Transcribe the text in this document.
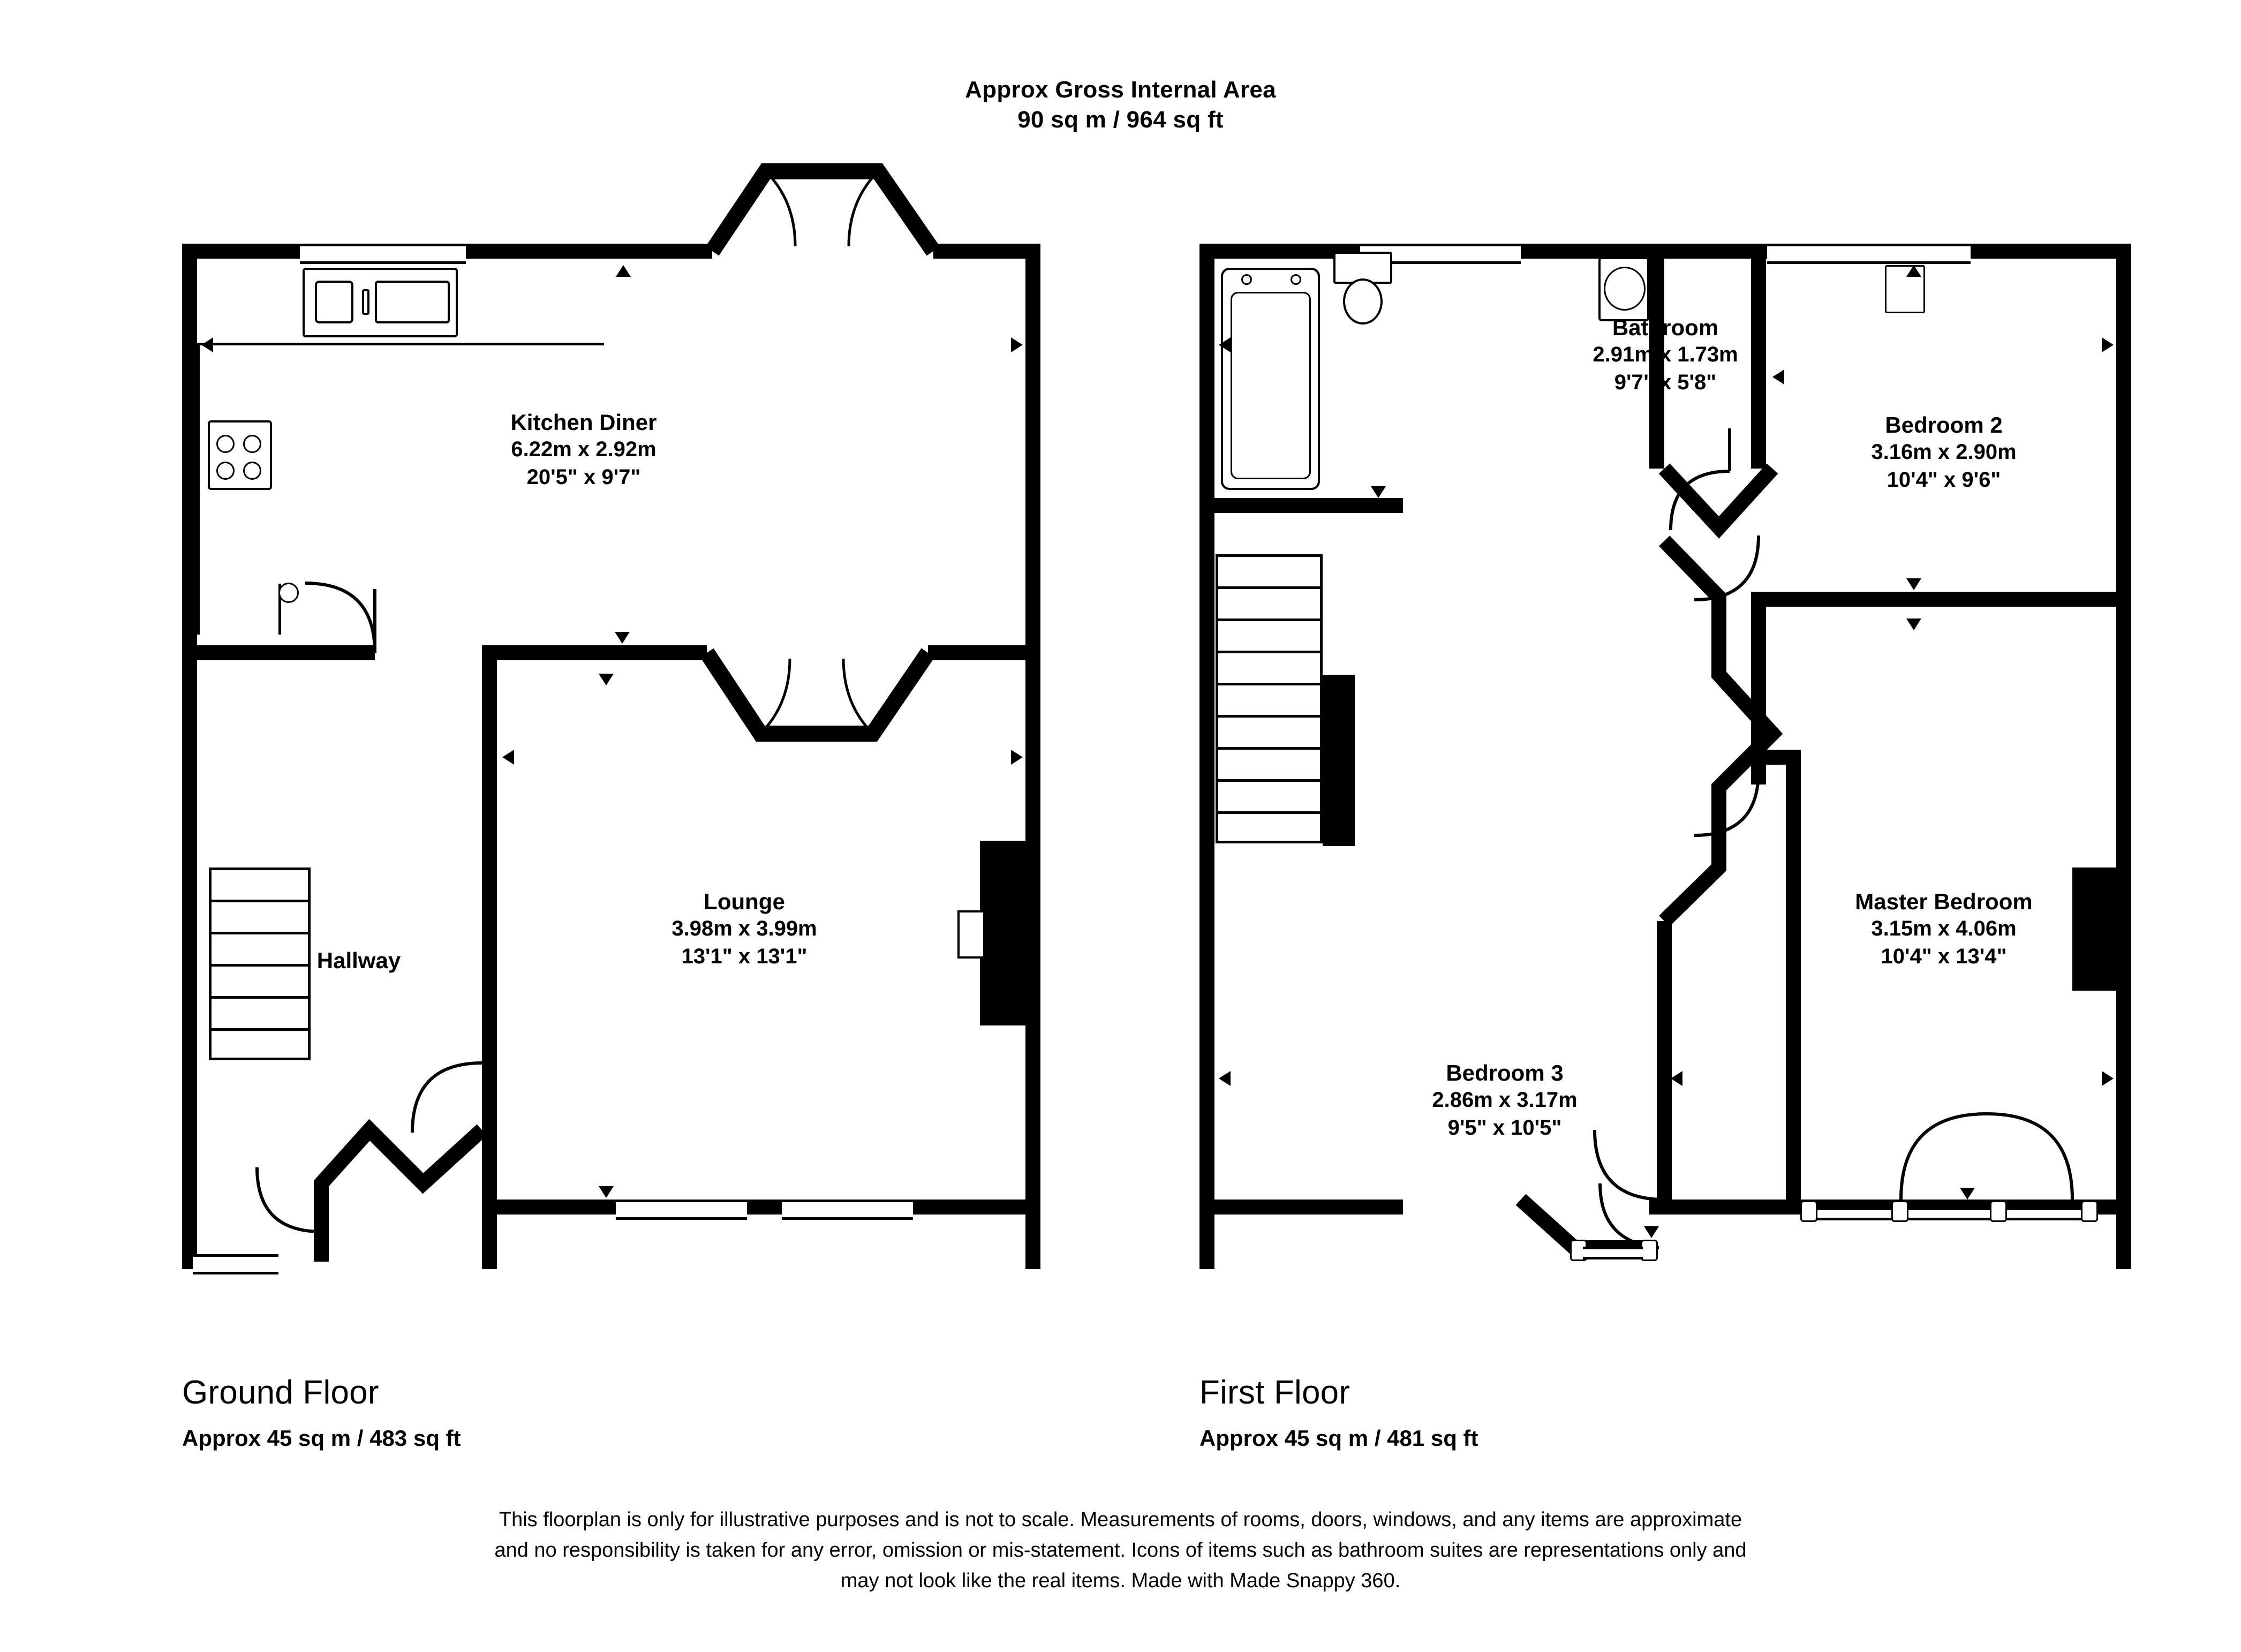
Approx Gross Internal Area
90 sq m / 964 sq ft
Kitchen Diner
6.22m x 2.92m
20'5" x 9'7"
Lounge
3.98m x 3.99m
13'1" x 13'1"
Hallway
Bathroom
2.91m x 1.73m
9'7" x 5'8"
Bedroom 2
3.16m x 2.90m
10'4" x 9'6"
Master Bedroom
3.15m x 4.06m
10'4" x 13'4"
Bedroom 3
2.86m x 3.17m
9'5" x 10'5"
Ground Floor
Approx 45 sq m / 483 sq ft
First Floor
Approx 45 sq m / 481 sq ft
This floorplan is only for illustrative purposes and is not to scale. Measurements of rooms, doors, windows, and any items are approximate
and no responsibility is taken for any error, omission or mis-statement. Icons of items such as bathroom suites are representations only and
may not look like the real items. Made with Made Snappy 360.
